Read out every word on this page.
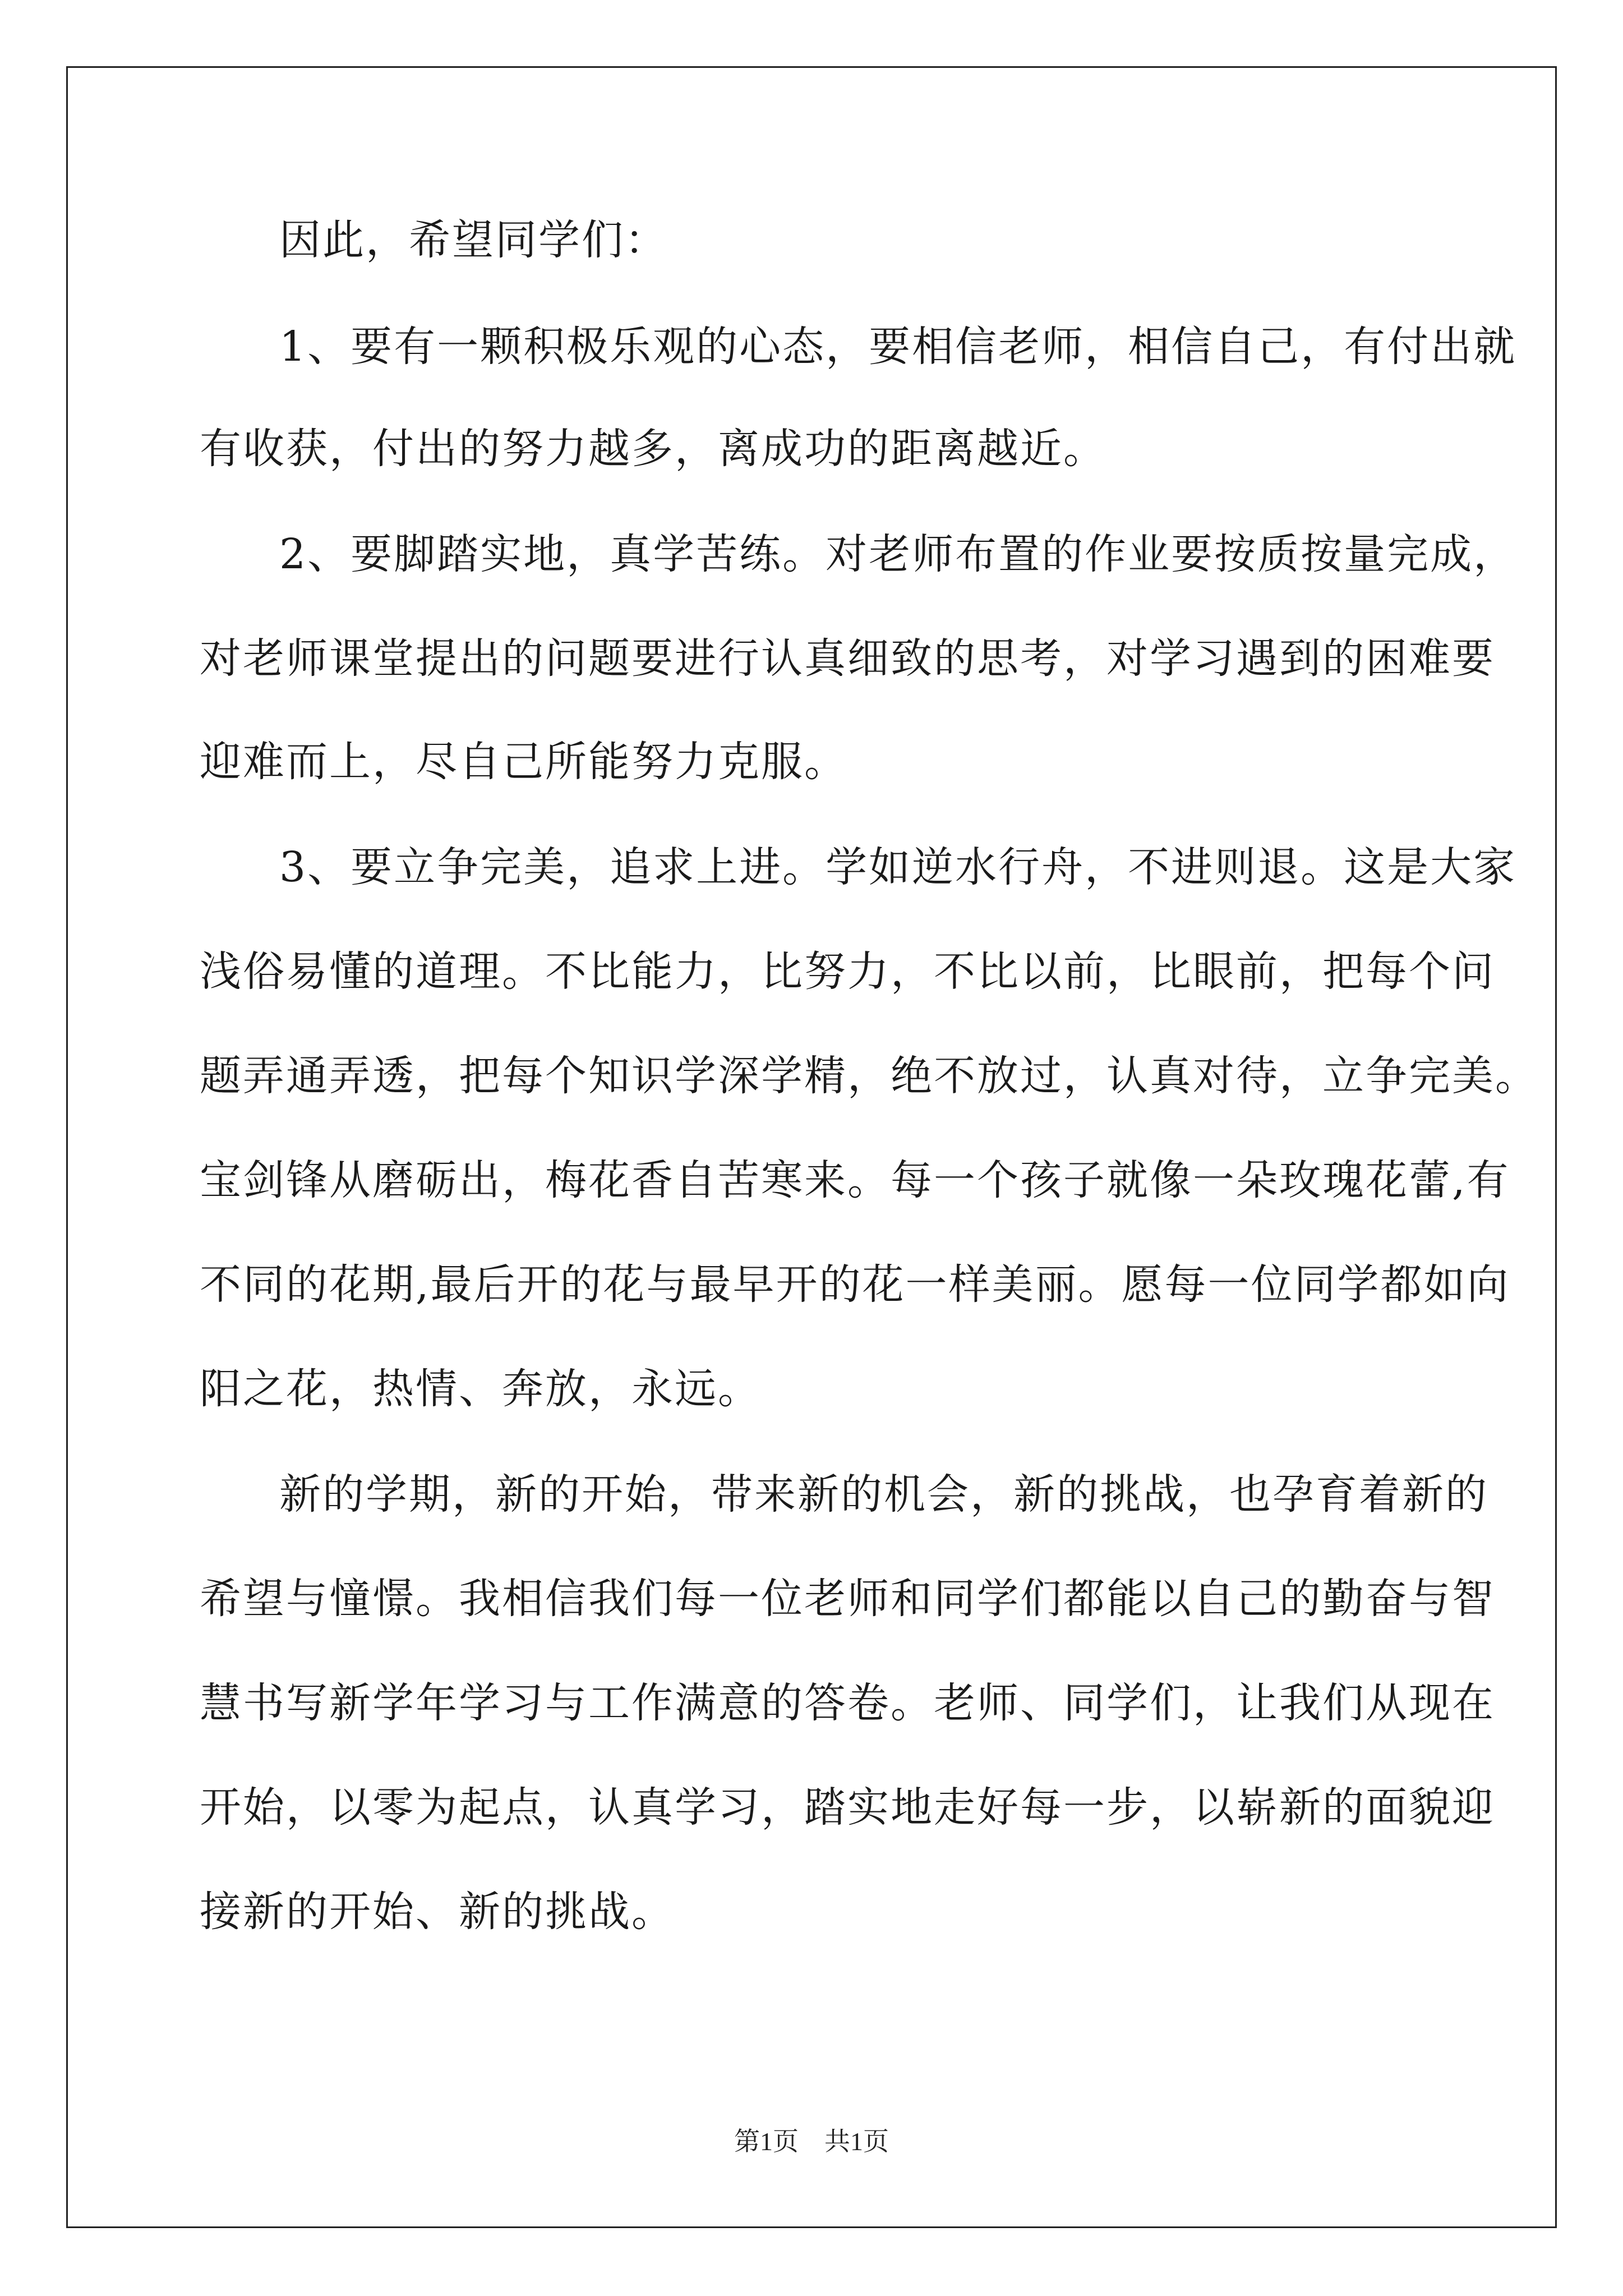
因此，希望同学们：
1、要有一颗积极乐观的心态，要相信老师，相信自己，有付出就
有收获，付出的努力越多，离成功的距离越近。
2、要脚踏实地，真学苦练。对老师布置的作业要按质按量完成，
对老师课堂提出的问题要进行认真细致的思考，对学习遇到的困难要
迎难而上，尽自己所能努力克服。
3、要立争完美，追求上进。学如逆水行舟，不进则退。这是大家
浅俗易懂的道理。不比能力，比努力，不比以前，比眼前，把每个问
题弄通弄透，把每个知识学深学精，绝不放过，认真对待，立争完美。
宝剑锋从磨砺出，梅花香自苦寒来。每一个孩子就像一朵玫瑰花蕾,有
不同的花期,最后开的花与最早开的花一样美丽。愿每一位同学都如向
阳之花，热情、奔放，永远。
新的学期，新的开始，带来新的机会，新的挑战，也孕育着新的
希望与憧憬。我相信我们每一位老师和同学们都能以自己的勤奋与智
慧书写新学年学习与工作满意的答卷。老师、同学们，让我们从现在
开始，以零为起点，认真学习，踏实地走好每一步，以崭新的面貌迎
接新的开始、新的挑战。
第1页　共1页
